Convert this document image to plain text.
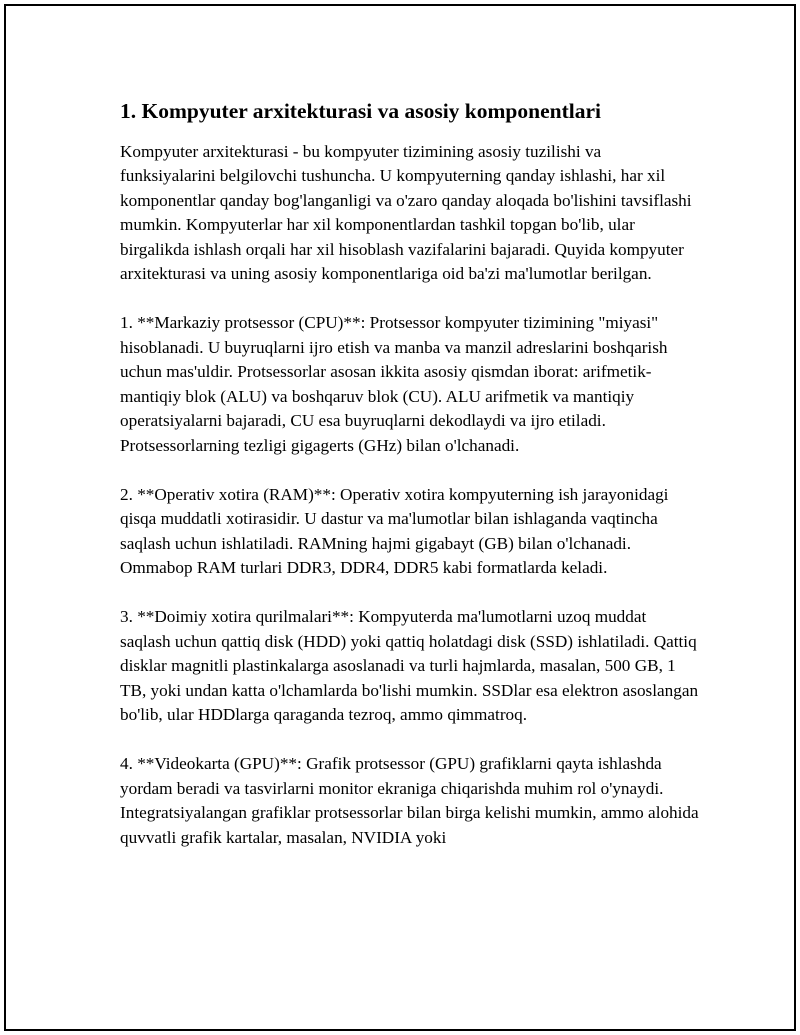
1. Kompyuter arxitekturasi va asosiy komponentlari

Kompyuter arxitekturasi - bu kompyuter tizimining asosiy tuzilishi va funksiyalarini belgilovchi tushuncha. U kompyuterning qanday ishlashi, har xil komponentlar qanday bog'langanligi va o'zaro qanday aloqada bo'lishini tavsiflashi mumkin. Kompyuterlar har xil komponentlardan tashkil topgan bo'lib, ular birgalikda ishlash orqali har xil hisoblash vazifalarini bajaradi. Quyida kompyuter arxitekturasi va uning asosiy komponentlariga oid ba'zi ma'lumotlar berilgan.

1. **Markaziy protsessor (CPU)**: Protsessor kompyuter tizimining "miyasi" hisoblanadi. U buyruqlarni ijro etish va manba va manzil adreslarini boshqarish uchun mas'uldir. Protsessorlar asosan ikkita asosiy qismdan iborat: arifmetik-mantiqiy blok (ALU) va boshqaruv blok (CU). ALU arifmetik va mantiqiy operatsiyalarni bajaradi, CU esa buyruqlarni dekodlaydi va ijro etiladi. Protsessorlarning tezligi gigagerts (GHz) bilan o'lchanadi.

2. **Operativ xotira (RAM)**: Operativ xotira kompyuterning ish jarayonidagi qisqa muddatli xotirasidir. U dastur va ma'lumotlar bilan ishlaganda vaqtincha saqlash uchun ishlatiladi. RAMning hajmi gigabayt (GB) bilan o'lchanadi. Ommabop RAM turlari DDR3, DDR4, DDR5 kabi formatlarda keladi.

3. **Doimiy xotira qurilmalari**: Kompyuterda ma'lumotlarni uzoq muddat saqlash uchun qattiq disk (HDD) yoki qattiq holatdagi disk (SSD) ishlatiladi. Qattiq disklar magnitli plastinkalarga asoslanadi va turli hajmlarda, masalan, 500 GB, 1 TB, yoki undan katta o'lchamlarda bo'lishi mumkin. SSDlar esa elektron asoslangan bo'lib, ular HDDlarga qaraganda tezroq, ammo qimmatroq.

4. **Videokarta (GPU)**: Grafik protsessor (GPU) grafiklarni qayta ishlashda yordam beradi va tasvirlarni monitor ekraniga chiqarishda muhim rol o'ynaydi. Integratsiyalangan grafiklar protsessorlar bilan birga kelishi mumkin, ammo alohida quvvatli grafik kartalar, masalan, NVIDIA yoki
